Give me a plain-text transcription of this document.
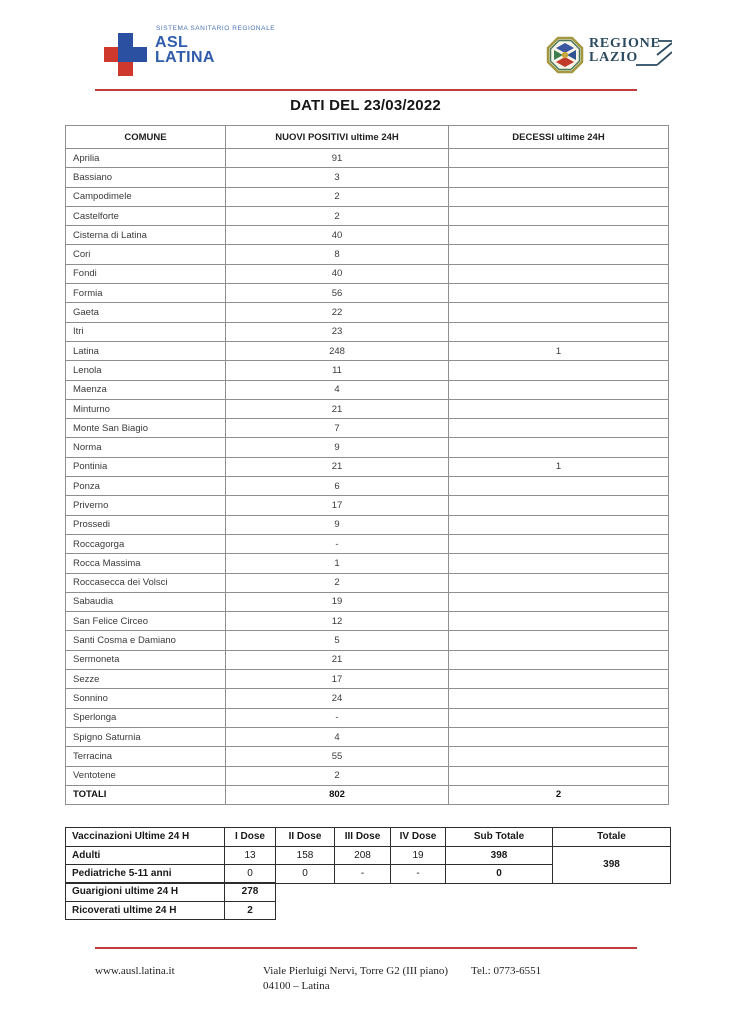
SISTEMA SANITARIO REGIONALE
ASL
LATINA
REGIONE
LAZIO
DATI DEL 23/03/2022
COMUNE	NUOVI POSITIVI ultime 24H	DECESSI ultime 24H
Aprilia	91	
Bassiano	3	
Campodimele	2	
Castelforte	2	
Cisterna di Latina	40	
Cori	8	
Fondi	40	
Formia	56	
Gaeta	22	
Itri	23	
Latina	248	1
Lenola	11	
Maenza	4	
Minturno	21	
Monte San Biagio	7	
Norma	9	
Pontinia	21	1
Ponza	6	
Priverno	17	
Prossedi	9	
Roccagorga	-	
Rocca Massima	1	
Roccasecca dei Volsci	2	
Sabaudia	19	
San Felice Circeo	12	
Santi Cosma e Damiano	5	
Sermoneta	21	
Sezze	17	
Sonnino	24	
Sperlonga	-	
Spigno Saturnia	4	
Terracina	55	
Ventotene	2	
TOTALI	802	2
Vaccinazioni Ultime 24 H	I Dose	II Dose	III Dose	IV Dose	Sub Totale	Totale
Adulti	13	158	208	19	398	398
Pediatriche 5-11 anni	0	0	-	-	0	
Guarigioni ultime 24 H	278
Ricoverati ultime 24 H	2
www.ausl.latina.it	Viale Pierluigi Nervi, Torre G2 (III piano)
04100 – Latina
Tel.: 0773-6551
